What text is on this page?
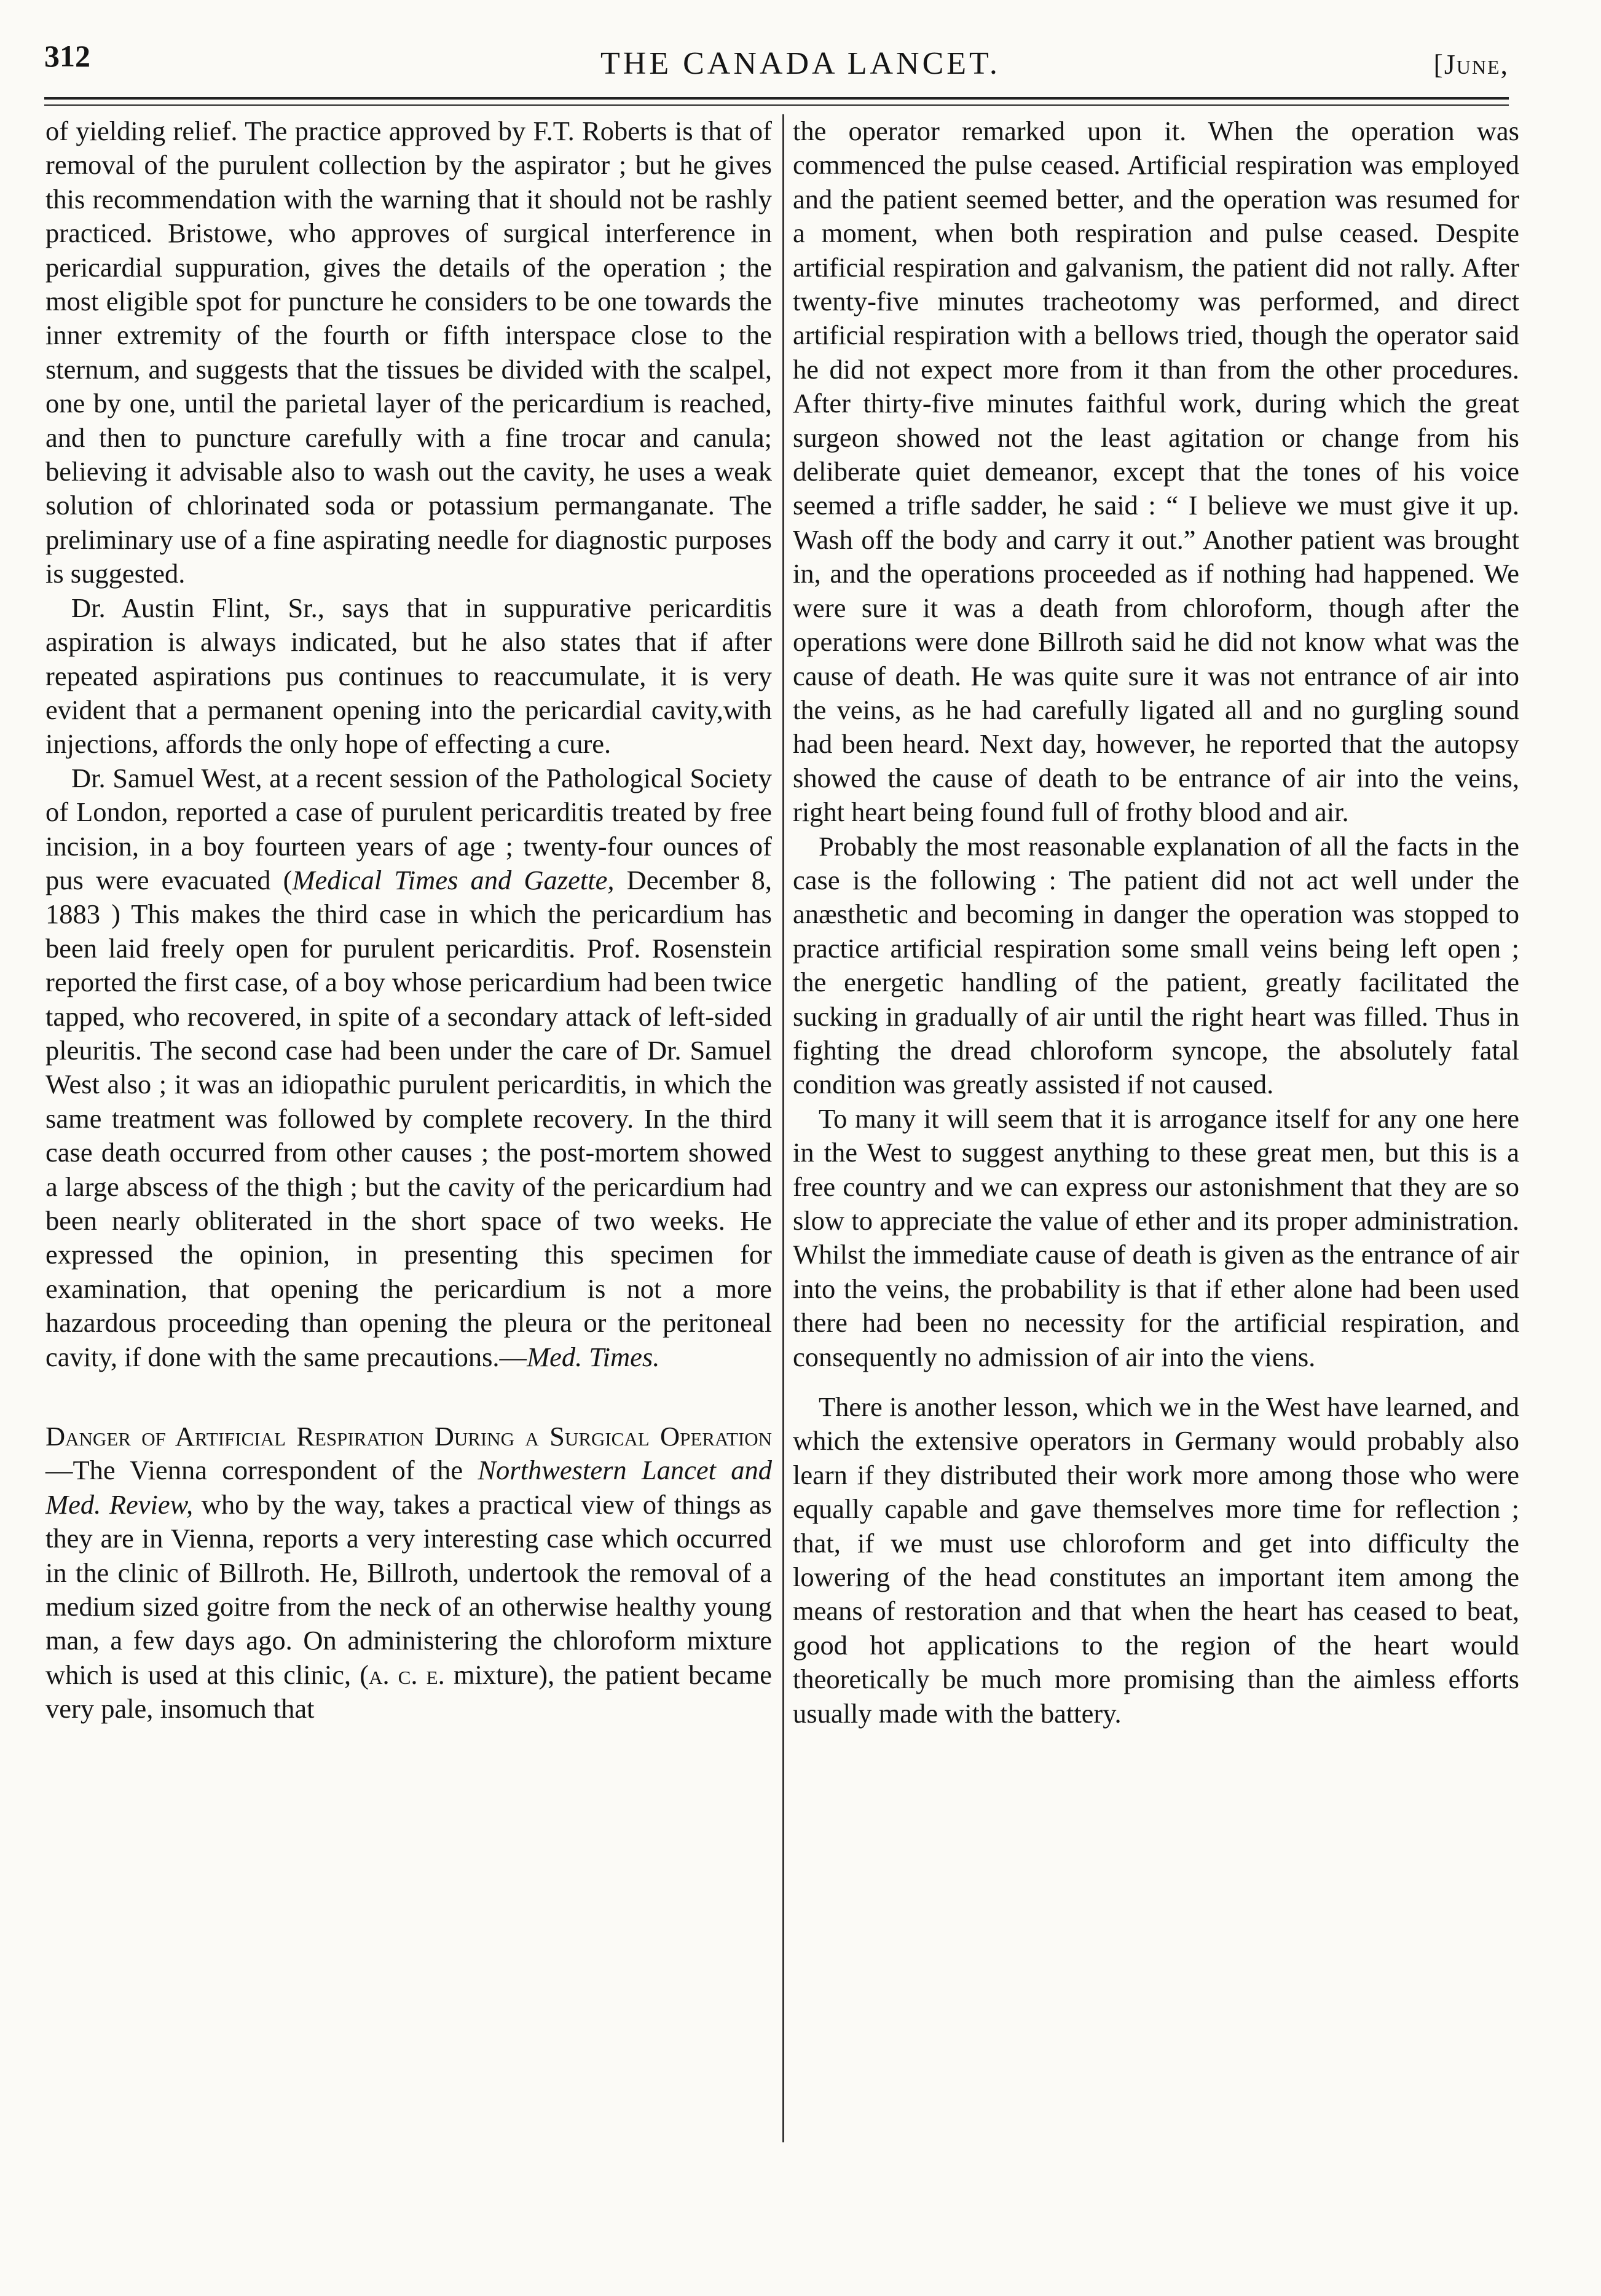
312	THE CANADA LANCET.	[June,

of yielding relief. The practice approved by F.T. Roberts is that of removal of the purulent collection by the aspirator ; but he gives this recommendation with the warning that it should not be rashly practiced. Bristowe, who approves of surgical interference in pericardial suppuration, gives the details of the operation ; the most eligible spot for puncture he considers to be one towards the inner extremity of the fourth or fifth interspace close to the sternum, and suggests that the tissues be divided with the scalpel, one by one, until the parietal layer of the pericardium is reached, and then to puncture carefully with a fine trocar and canula; believing it advisable also to wash out the cavity, he uses a weak solution of chlorinated soda or potassium permanganate. The preliminary use of a fine aspirating needle for diagnostic purposes is suggested.

Dr. Austin Flint, Sr., says that in suppurative pericarditis aspiration is always indicated, but he also states that if after repeated aspirations pus continues to reaccumulate, it is very evident that a permanent opening into the pericardial cavity,with injections, affords the only hope of effecting a cure.

Dr. Samuel West, at a recent session of the Pathological Society of London, reported a case of purulent pericarditis treated by free incision, in a boy fourteen years of age ; twenty-four ounces of pus were evacuated (Medical Times and Gazette, December 8, 1883 ) This makes the third case in which the pericardium has been laid freely open for purulent pericarditis. Prof. Rosenstein reported the first case, of a boy whose pericardium had been twice tapped, who recovered, in spite of a secondary attack of left-sided pleuritis. The second case had been under the care of Dr. Samuel West also ; it was an idiopathic purulent pericarditis, in which the same treatment was followed by complete recovery. In the third case death occurred from other causes ; the post-mortem showed a large abscess of the thigh ; but the cavity of the pericardium had been nearly obliterated in the short space of two weeks. He expressed the opinion, in presenting this specimen for examination, that opening the pericardium is not a more hazardous proceeding than opening the pleura or the peritoneal cavity, if done with the same precautions.—Med. Times.

Danger of Artificial Respiration During a Surgical Operation —The Vienna correspondent of the Northwestern Lancet and Med. Review, who by the way, takes a practical view of things as they are in Vienna, reports a very interesting case which occurred in the clinic of Billroth. He, Billroth, undertook the removal of a medium sized goitre from the neck of an otherwise healthy young man, a few days ago. On administering the chloroform mixture which is used at this clinic, (a. c. e. mixture), the patient became very pale, insomuch that

the operator remarked upon it. When the operation was commenced the pulse ceased. Artificial respiration was employed and the patient seemed better, and the operation was resumed for a moment, when both respiration and pulse ceased. Despite artificial respiration and galvanism, the patient did not rally. After twenty-five minutes tracheotomy was performed, and direct artificial respiration with a bellows tried, though the operator said he did not expect more from it than from the other procedures. After thirty-five minutes faithful work, during which the great surgeon showed not the least agitation or change from his deliberate quiet demeanor, except that the tones of his voice seemed a trifle sadder, he said : “ I believe we must give it up. Wash off the body and carry it out.” Another patient was brought in, and the operations proceeded as if nothing had happened. We were sure it was a death from chloroform, though after the operations were done Billroth said he did not know what was the cause of death. He was quite sure it was not entrance of air into the veins, as he had carefully ligated all and no gurgling sound had been heard. Next day, however, he reported that the autopsy showed the cause of death to be entrance of air into the veins, right heart being found full of frothy blood and air.

Probably the most reasonable explanation of all the facts in the case is the following : The patient did not act well under the anæsthetic and becoming in danger the operation was stopped to practice artificial respiration some small veins being left open ; the energetic handling of the patient, greatly facilitated the sucking in gradually of air until the right heart was filled. Thus in fighting the dread chloroform syncope, the absolutely fatal condition was greatly assisted if not caused.

To many it will seem that it is arrogance itself for any one here in the West to suggest anything to these great men, but this is a free country and we can express our astonishment that they are so slow to appreciate the value of ether and its proper administration. Whilst the immediate cause of death is given as the entrance of air into the veins, the probability is that if ether alone had been used there had been no necessity for the artificial respiration, and consequently no admission of air into the viens.

There is another lesson, which we in the West have learned, and which the extensive operators in Germany would probably also learn if they distributed their work more among those who were equally capable and gave themselves more time for reflection ; that, if we must use chloroform and get into difficulty the lowering of the head constitutes an important item among the means of restoration and that when the heart has ceased to beat, good hot applications to the region of the heart would theoretically be much more promising than the aimless efforts usually made with the battery.
